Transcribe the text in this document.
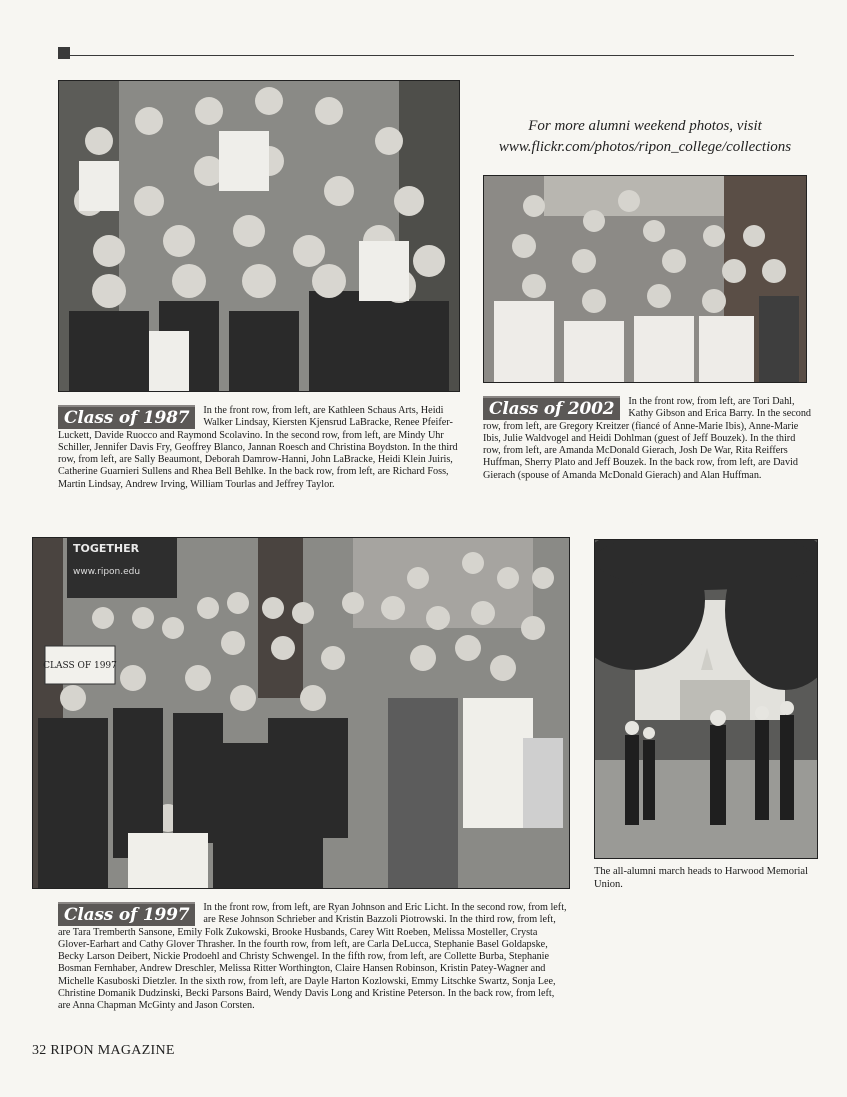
For more alumni weekend photos, visit
www.flickr.com/photos/ripon_college/collections
Class of 1987	In the front row, from left, are Kathleen Schaus Arts, Heidi Walker Lindsay, Kiersten Kjensrud LaBracke, Renee Pfeifer-Luckett, Davide Ruocco and Raymond Scolavino. In the second row, from left, are Mindy Uhr Schiller, Jennifer Davis Fry, Geoffrey Blanco, Jannan Roesch and Christina Boydston. In the third row, from left, are Sally Beaumont, Deborah Damrow-Hanni, John LaBracke, Heidi Klein Juiris, Catherine Guarnieri Sullens and Rhea Bell Behlke. In the back row, from left, are Richard Foss, Martin Lindsay, Andrew Irving, William Tourlas and Jeffrey Taylor.

Class of 2002	In the front row, from left, are Tori Dahl, Kathy Gibson and Erica Barry. In the second row, from left, are Gregory Kreitzer (fiancé of Anne-Marie Ibis), Anne-Marie Ibis, Julie Waldvogel and Heidi Dohlman (guest of Jeff Bouzek). In the third row, from left, are Amanda McDonald Gierach, Josh De War, Rita Reiffers Huffman, Sherry Plato and Jeff Bouzek. In the back row, from left, are David Gierach (spouse of Amanda McDonald Gierach) and Alan Huffman.

TOGETHER
www.ripon.edu
CLASS OF 1997
The all-alumni march heads to Harwood Memorial Union.
Class of 1997	In the front row, from left, are Ryan Johnson and Eric Licht. In the second row, from left, are Rese Johnson Schrieber and Kristin Bazzoli Piotrowski. In the third row, from left, are Tara Tremberth Sansone, Emily Folk Zukowski, Brooke Husbands, Carey Witt Roeben, Melissa Mosteller, Crysta Glover-Earhart and Cathy Glover Thrasher. In the fourth row, from left, are Carla DeLucca, Stephanie Basel Goldapske, Becky Larson Deibert, Nickie Prodoehl and Christy Schwengel. In the fifth row, from left, are Collette Burba, Stephanie Bosman Fernhaber, Andrew Dreschler, Melissa Ritter Worthington, Claire Hansen Robinson, Kristin Patey-Wagner and Michelle Kasuboski Dietzler. In the sixth row, from left, are Dayle Harton Kozlowski, Emmy Litschke Swartz, Sonja Lee, Christine Domanik Dudzinski, Becki Parsons Baird, Wendy Davis Long and Kristine Peterson. In the back row, from left, are Anna Chapman McGinty and Jason Corsten.

32 RIPON MAGAZINE
